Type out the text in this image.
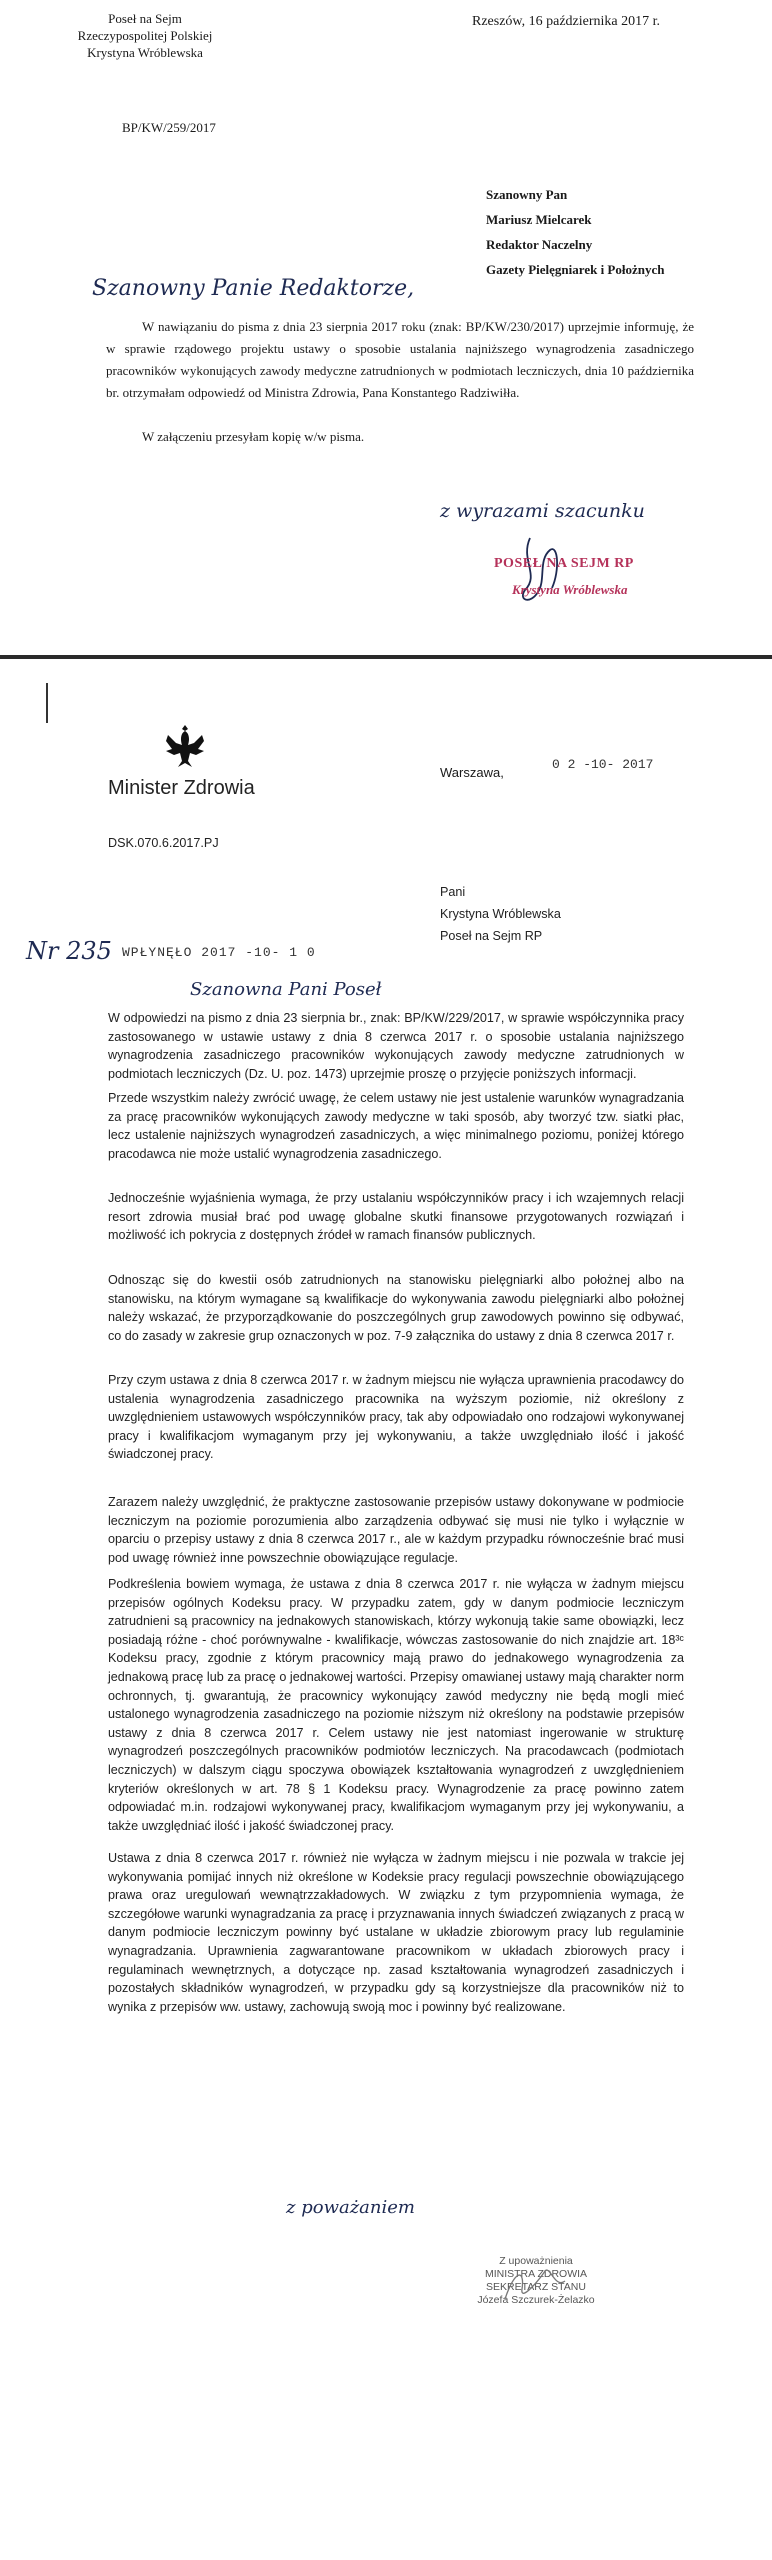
Poseł na Sejm
Rzeczypospolitej Polskiej
Krystyna Wróblewska
Rzeszów, 16 października 2017 r.
BP/KW/259/2017
Szanowny Pan
Mariusz Mielcarek
Redaktor Naczelny
Gazety Pielęgniarek i Położnych
Szanowny Panie Redaktorze,
W nawiązaniu do pisma z dnia 23 sierpnia 2017 roku (znak: BP/KW/230/2017) uprzejmie informuję, że w sprawie rządowego projektu ustawy o sposobie ustalania najniższego wynagrodzenia zasadniczego pracowników wykonujących zawody medyczne zatrudnionych w podmiotach leczniczych, dnia 10 października br. otrzymałam odpowiedź od Ministra Zdrowia, Pana Konstantego Radziwiłła.
W załączeniu przesyłam kopię w/w pisma.
z wyrazami szacunku
POSEŁ NA SEJM RP
Krystyna Wróblewska
Minister Zdrowia
Warszawa,
0 2 -10- 2017
DSK.070.6.2017.PJ
Pani
Krystyna Wróblewska
Poseł na Sejm RP
Nr 235 WPŁYNĘŁO 2017 -10- 1 0
Szanowna Pani Poseł
W odpowiedzi na pismo z dnia 23 sierpnia br., znak: BP/KW/229/2017, w sprawie współczynnika pracy zastosowanego w ustawie ustawy z dnia 8 czerwca 2017 r. o sposobie ustalania najniższego wynagrodzenia zasadniczego pracowników wykonujących zawody medyczne zatrudnionych w podmiotach leczniczych (Dz. U. poz. 1473) uprzejmie proszę o przyjęcie poniższych informacji.
Przede wszystkim należy zwrócić uwagę, że celem ustawy nie jest ustalenie warunków wynagradzania za pracę pracowników wykonujących zawody medyczne w taki sposób, aby tworzyć tzw. siatki płac, lecz ustalenie najniższych wynagrodzeń zasadniczych, a więc minimalnego poziomu, poniżej którego pracodawca nie może ustalić wynagrodzenia zasadniczego.
Jednocześnie wyjaśnienia wymaga, że przy ustalaniu współczynników pracy i ich wzajemnych relacji resort zdrowia musiał brać pod uwagę globalne skutki finansowe przygotowanych rozwiązań i możliwość ich pokrycia z dostępnych źródeł w ramach finansów publicznych.
Odnosząc się do kwestii osób zatrudnionych na stanowisku pielęgniarki albo położnej albo na stanowisku, na którym wymagane są kwalifikacje do wykonywania zawodu pielęgniarki albo położnej należy wskazać, że przyporządkowanie do poszczególnych grup zawodowych powinno się odbywać, co do zasady w zakresie grup oznaczonych w poz. 7-9 załącznika do ustawy z dnia 8 czerwca 2017 r.
Przy czym ustawa z dnia 8 czerwca 2017 r. w żadnym miejscu nie wyłącza uprawnienia pracodawcy do ustalenia wynagrodzenia zasadniczego pracownika na wyższym poziomie, niż określony z uwzględnieniem ustawowych współczynników pracy, tak aby odpowiadało ono rodzajowi wykonywanej pracy i kwalifikacjom wymaganym przy jej wykonywaniu, a także uwzględniało ilość i jakość świadczonej pracy.
Zarazem należy uwzględnić, że praktyczne zastosowanie przepisów ustawy dokonywane w podmiocie leczniczym na poziomie porozumienia albo zarządzenia odbywać się musi nie tylko i wyłącznie w oparciu o przepisy ustawy z dnia 8 czerwca 2017 r., ale w każdym przypadku równocześnie brać musi pod uwagę również inne powszechnie obowiązujące regulacje.
Podkreślenia bowiem wymaga, że ustawa z dnia 8 czerwca 2017 r. nie wyłącza w żadnym miejscu przepisów ogólnych Kodeksu pracy. W przypadku zatem, gdy w danym podmiocie leczniczym zatrudnieni są pracownicy na jednakowych stanowiskach, którzy wykonują takie same obowiązki, lecz posiadają różne - choć porównywalne - kwalifikacje, wówczas zastosowanie do nich znajdzie art. 18³ᶜ Kodeksu pracy, zgodnie z którym pracownicy mają prawo do jednakowego wynagrodzenia za jednakową pracę lub za pracę o jednakowej wartości. Przepisy omawianej ustawy mają charakter norm ochronnych, tj. gwarantują, że pracownicy wykonujący zawód medyczny nie będą mogli mieć ustalonego wynagrodzenia zasadniczego na poziomie niższym niż określony na podstawie przepisów ustawy z dnia 8 czerwca 2017 r. Celem ustawy nie jest natomiast ingerowanie w strukturę wynagrodzeń poszczególnych pracowników podmiotów leczniczych. Na pracodawcach (podmiotach leczniczych) w dalszym ciągu spoczywa obowiązek kształtowania wynagrodzeń z uwzględnieniem kryteriów określonych w art. 78 § 1 Kodeksu pracy. Wynagrodzenie za pracę powinno zatem odpowiadać m.in. rodzajowi wykonywanej pracy, kwalifikacjom wymaganym przy jej wykonywaniu, a także uwzględniać ilość i jakość świadczonej pracy.
Ustawa z dnia 8 czerwca 2017 r. również nie wyłącza w żadnym miejscu i nie pozwala w trakcie jej wykonywania pomijać innych niż określone w Kodeksie pracy regulacji powszechnie obowiązującego prawa oraz uregulowań wewnątrzzakładowych. W związku z tym przypomnienia wymaga, że szczegółowe warunki wynagradzania za pracę i przyznawania innych świadczeń związanych z pracą w danym podmiocie leczniczym powinny być ustalane w układzie zbiorowym pracy lub regulaminie wynagradzania. Uprawnienia zagwarantowane pracownikom w układach zbiorowych pracy i regulaminach wewnętrznych, a dotyczące np. zasad kształtowania wynagrodzeń zasadniczych i pozostałych składników wynagrodzeń, w przypadku gdy są korzystniejsze dla pracowników niż to wynika z przepisów ww. ustawy, zachowują swoją moc i powinny być realizowane.
z poważaniem
Z upoważnienia
MINISTRA ZDROWIA
SEKRETARZ STANU
Józefa Szczurek-Żelazko
